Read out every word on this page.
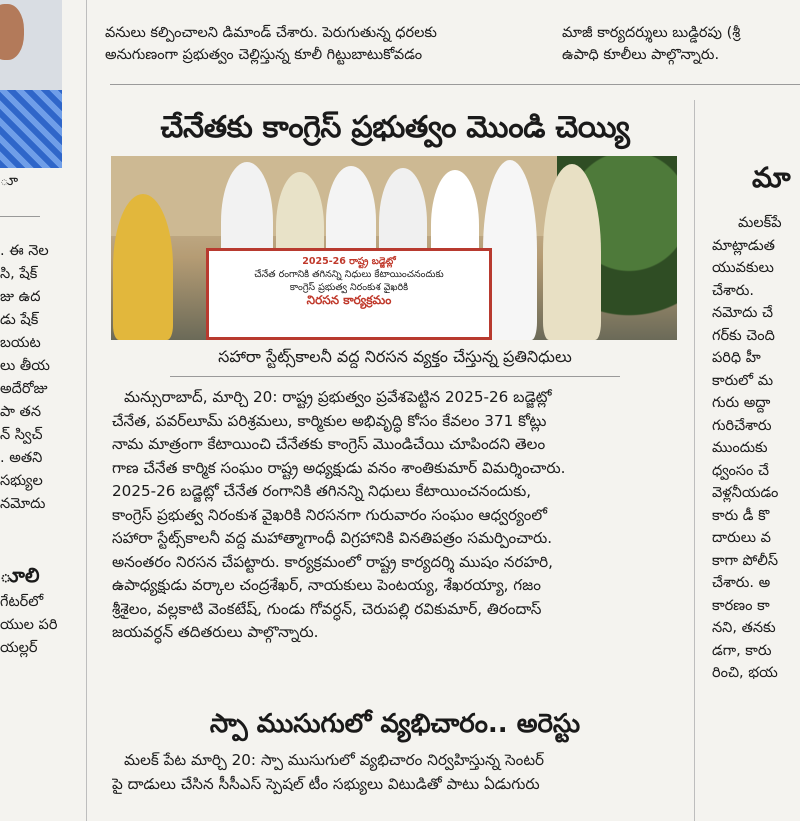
వనులు కల్పించాలని డిమాండ్ చేశారు. పెరుగుతున్న ధరలకు

అనుగుణంగా ప్రభుత్వం చెల్లిస్తున్న కూలీ గిట్టుబాటుకోవడం

మాజీ కార్యదర్శులు బుడ్డిరపు (శ్రీ

ఉపాధి కూలీలు పాల్గొన్నారు.

ూ
. ఈ నెల
సి, షేక్
జు ఉద
డు షేక్
బయట
లు తీయ
అదేరోజు
పా తన
న్ స్విచ్
. అతని
సభ్యుల
నమోదు
ూలి
గేటర్‌లో
యుల పరి
యల్లర్
చేనేతకు కాంగ్రెస్ ప్రభుత్వం మొండి చెయ్యి
2025-26 రాష్ట్ర బడ్జెట్లో
చేనేత రంగానికి తగినన్ని నిధులు కేటాయించనందుకు
కాంగ్రెస్ ప్రభుత్వ నిరంకుశ వైఖరికి
నిరసన కార్యక్రమం
సహారా స్టేట్స్‌కాలనీ వద్ద నిరసన వ్యక్తం చేస్తున్న ప్రతినిధులు

మన్సురాబాద్, మార్చి 20: రాష్ట్ర ప్రభుత్వం ప్రవేశపెట్టిన 2025-26 బడ్జెట్లో

చేనేత, పవర్‌లూమ్ పరిశ్రమలు, కార్మికుల అభివృద్ధి కోసం కేవలం 371 కోట్లు

నామ మాత్రంగా కేటాయించి చేనేతకు కాంగ్రెస్ మొండిచేయి చూపిందని తెలం

గాణ చేనేత కార్మిక సంఘం రాష్ట్ర అధ్యక్షుడు వనం శాంతికుమార్ విమర్శించారు.

2025-26 బడ్జెట్లో చేనేత రంగానికి తగినన్ని నిధులు కేటాయించనందుకు,

కాంగ్రెస్ ప్రభుత్వ నిరంకుశ వైఖరికి నిరసనగా గురువారం సంఘం ఆధ్వర్యంలో

సహారా స్టేట్స్‌కాలనీ వద్ద మహాత్మాగాంధీ విగ్రహానికి వినతిపత్రం సమర్పించారు.

అనంతరం నిరసన చేపట్టారు. కార్యక్రమంలో రాష్ట్ర కార్యదర్శి ముషం నరహరి,

ఉపాధ్యక్షుడు వర్కాల చంద్రశేఖర్, నాయకులు పెంటయ్య, శేఖరయ్యా, గజం

శ్రీశైలం, వల్లకాటి వెంకటేష్, గుండు గోవర్ధన్, చెరుపల్లి రవికుమార్, తిరందాస్

జయవర్ధన్ తదితరులు పాల్గొన్నారు.

స్పా ముసుగులో వ్యభిచారం.. అరెస్టు

మలక్ పేట మార్చి 20: స్పా ముసుగులో వ్యభిచారం నిర్వహిస్తున్న సెంటర్

పై దాడులు చేసిన సీసీఎస్ స్పెషల్ టీం సభ్యులు విటుడితో పాటు ఏడుగురు

మా
మలక్‌పే
మాట్లాడుత
యువకులు
చేశారు.
నమోదు చే
గర్‌కు చెంది
పరిధి హీ
కారులో మ
గురు అద్దా
గురిచేశారు
ముందుకు
ధ్వంసం చే
వెళ్లనీయడం
కారు డీ కొ
దారులు వ
కాగా పోలీస్
చేశారు. అ
కారణం కా
నని, తనకు
డగా, కారు
రించి, భయ
